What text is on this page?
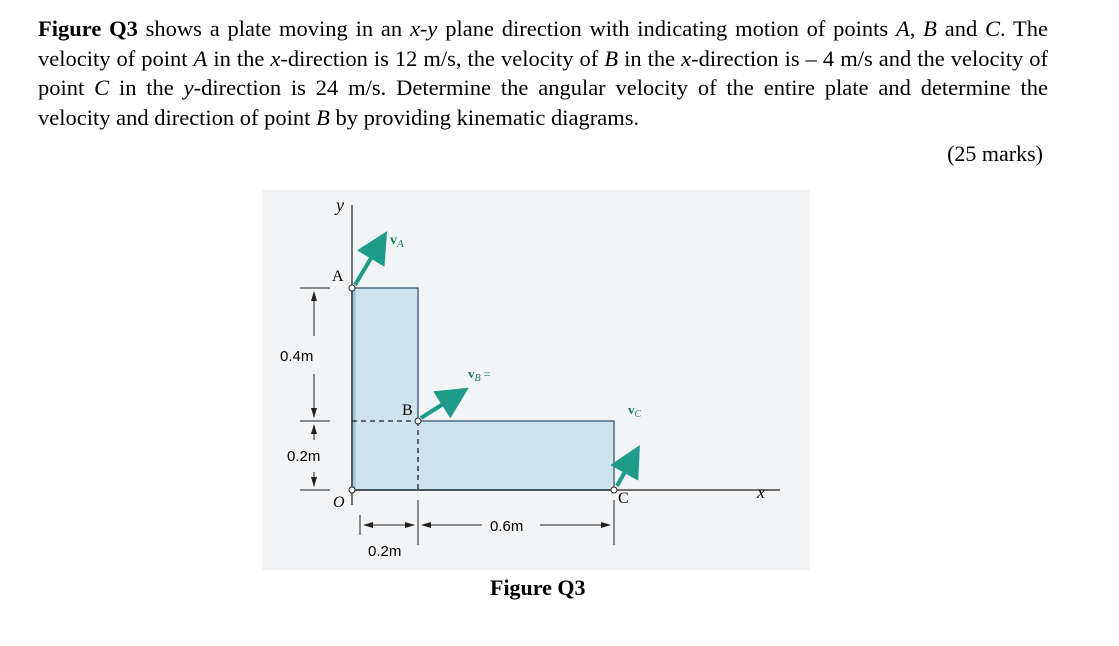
Figure Q3 shows a plate moving in an x-y plane direction with indicating motion of points A, B and C. The velocity of point A in the x-direction is 12 m/s, the velocity of B in the x-direction is – 4 m/s and the velocity of point C in the y-direction is 24 m/s. Determine the angular velocity of the entire plate and determine the velocity and direction of point B by providing kinematic diagrams.
(25 marks)
y
x
A
B
C
O
$v_A$
$v_B$ =
$v_C$
0.4m
0.2m
0.2m
0.6m
Figure Q3
